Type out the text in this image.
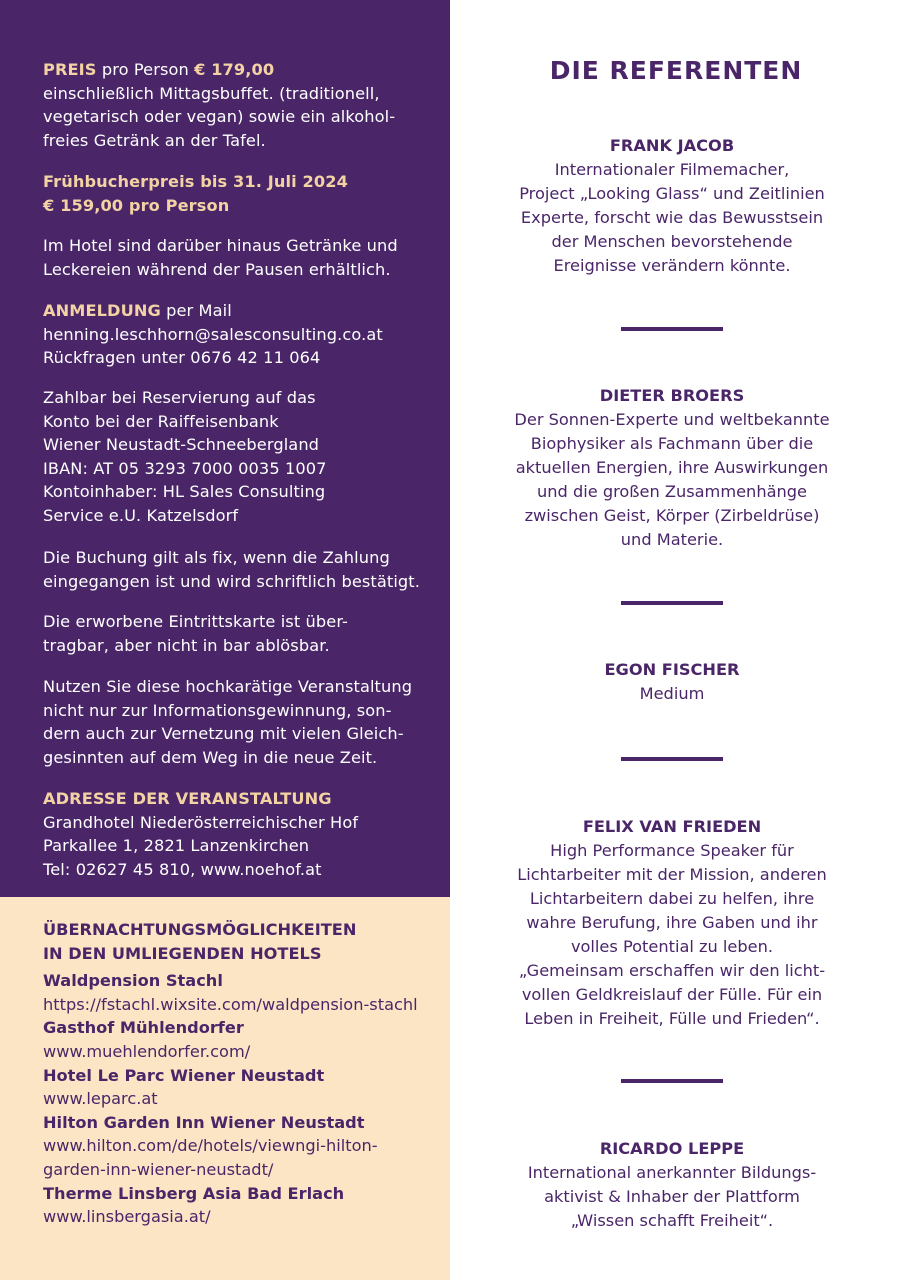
PREIS pro Person € 179,00
einschließlich Mittagsbuffet. (traditionell,
vegetarisch oder vegan) sowie ein alkohol-
freies Getränk an der Tafel.
Frühbucherpreis bis 31. Juli 2024
€ 159,00 pro Person
Im Hotel sind darüber hinaus Getränke und
Leckereien während der Pausen erhältlich.
ANMELDUNG per Mail
henning.leschhorn@salesconsulting.co.at
Rückfragen unter 0676 42 11 064
Zahlbar bei Reservierung auf das
Konto bei der Raiffeisenbank
Wiener Neustadt-Schneebergland
IBAN: AT 05 3293 7000 0035 1007
Kontoinhaber: HL Sales Consulting
Service e.U. Katzelsdorf
Die Buchung gilt als fix, wenn die Zahlung
eingegangen ist und wird schriftlich bestätigt.
Die erworbene Eintrittskarte ist über-
tragbar, aber nicht in bar ablösbar.
Nutzen Sie diese hochkarätige Veranstaltung
nicht nur zur Informationsgewinnung, son-
dern auch zur Vernetzung mit vielen Gleich-
gesinnten auf dem Weg in die neue Zeit.
ADRESSE DER VERANSTALTUNG
Grandhotel Niederösterreichischer Hof
Parkallee 1, 2821 Lanzenkirchen
Tel: 02627 45 810, www.noehof.at
ÜBERNACHTUNGSMÖGLICHKEITEN
IN DEN UMLIEGENDEN HOTELS
Waldpension Stachl
https://fstachl.wixsite.com/waldpension-stachl
Gasthof Mühlendorfer
www.muehlendorfer.com/
Hotel Le Parc Wiener Neustadt
www.leparc.at
Hilton Garden Inn Wiener Neustadt
www.hilton.com/de/hotels/viewngi-hilton-
garden-inn-wiener-neustadt/
Therme Linsberg Asia Bad Erlach
www.linsbergasia.at/
DIE REFERENTEN
FRANK JACOB
Internationaler Filmemacher,
Project „Looking Glass“ und Zeitlinien
Experte, forscht wie das Bewusstsein
der Menschen bevorstehende
Ereignisse verändern könnte.
DIETER BROERS
Der Sonnen-Experte und weltbekannte
Biophysiker als Fachmann über die
aktuellen Energien, ihre Auswirkungen
und die großen Zusammenhänge
zwischen Geist, Körper (Zirbeldrüse)
und Materie.
EGON FISCHER
Medium
FELIX VAN FRIEDEN
High Performance Speaker für
Lichtarbeiter mit der Mission, anderen
Lichtarbeitern dabei zu helfen, ihre
wahre Berufung, ihre Gaben und ihr
volles Potential zu leben.
„Gemeinsam erschaffen wir den licht-
vollen Geldkreislauf der Fülle. Für ein
Leben in Freiheit, Fülle und Frieden“.
RICARDO LEPPE
International anerkannter Bildungs-
aktivist & Inhaber der Plattform
„Wissen schafft Freiheit“.
